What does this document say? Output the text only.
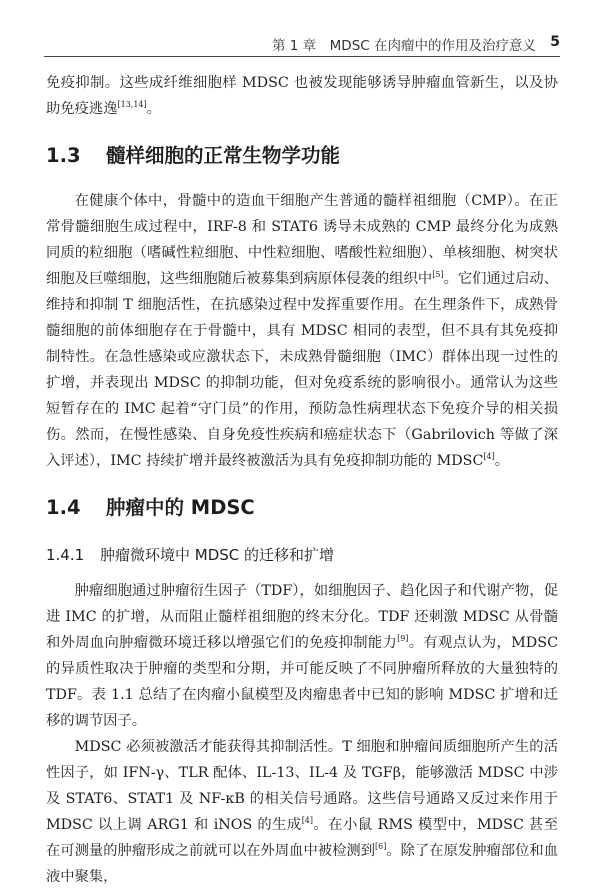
第 1 章　MDSC 在肉瘤中的作用及治疗意义 5

免疫抑制。这些成纤维细胞样 MDSC 也被发现能够诱导肿瘤血管新生，以及协助免疫逃逸[13,14]。

1.3	髓样细胞的正常生物学功能

在健康个体中，骨髓中的造血干细胞产生普通的髓样祖细胞（CMP）。在正常骨髓细胞生成过程中，IRF-8 和 STAT6 诱导未成熟的 CMP 最终分化为成熟同质的粒细胞（嗜碱性粒细胞、中性粒细胞、嗜酸性粒细胞）、单核细胞、树突状细胞及巨噬细胞，这些细胞随后被募集到病原体侵袭的组织中[5]。它们通过启动、维持和抑制 T 细胞活性，在抗感染过程中发挥重要作用。在生理条件下，成熟骨髓细胞的前体细胞存在于骨髓中，具有 MDSC 相同的表型，但不具有其免疫抑制特性。在急性感染或应激状态下，未成熟骨髓细胞（IMC）群体出现一过性的扩增，并表现出 MDSC 的抑制功能，但对免疫系统的影响很小。通常认为这些短暂存在的 IMC 起着“守门员”的作用，预防急性病理状态下免疫介导的相关损伤。然而，在慢性感染、自身免疫性疾病和癌症状态下（Gabrilovich 等做了深入评述），IMC 持续扩增并最终被激活为具有免疫抑制功能的 MDSC[4]。

1.4	肿瘤中的 MDSC
1.4.1	肿瘤微环境中 MDSC 的迁移和扩增

肿瘤细胞通过肿瘤衍生因子（TDF），如细胞因子、趋化因子和代谢产物，促进 IMC 的扩增，从而阻止髓样祖细胞的终末分化。TDF 还刺激 MDSC 从骨髓和外周血向肿瘤微环境迁移以增强它们的免疫抑制能力[9]。有观点认为，MDSC 的异质性取决于肿瘤的类型和分期，并可能反映了不同肿瘤所释放的大量独特的 TDF。表 1.1 总结了在肉瘤小鼠模型及肉瘤患者中已知的影响 MDSC 扩增和迁移的调节因子。

MDSC 必须被激活才能获得其抑制活性。T 细胞和肿瘤间质细胞所产生的活性因子，如 IFN-γ、TLR 配体、IL-13、IL-4 及 TGFβ，能够激活 MDSC 中涉及 STAT6、STAT1 及 NF-κB 的相关信号通路。这些信号通路又反过来作用于 MDSC 以上调 ARG1 和 iNOS 的生成[4]。在小鼠 RMS 模型中，MDSC 甚至在可测量的肿瘤形成之前就可以在外周血中被检测到[6]。除了在原发肿瘤部位和血液中聚集，
